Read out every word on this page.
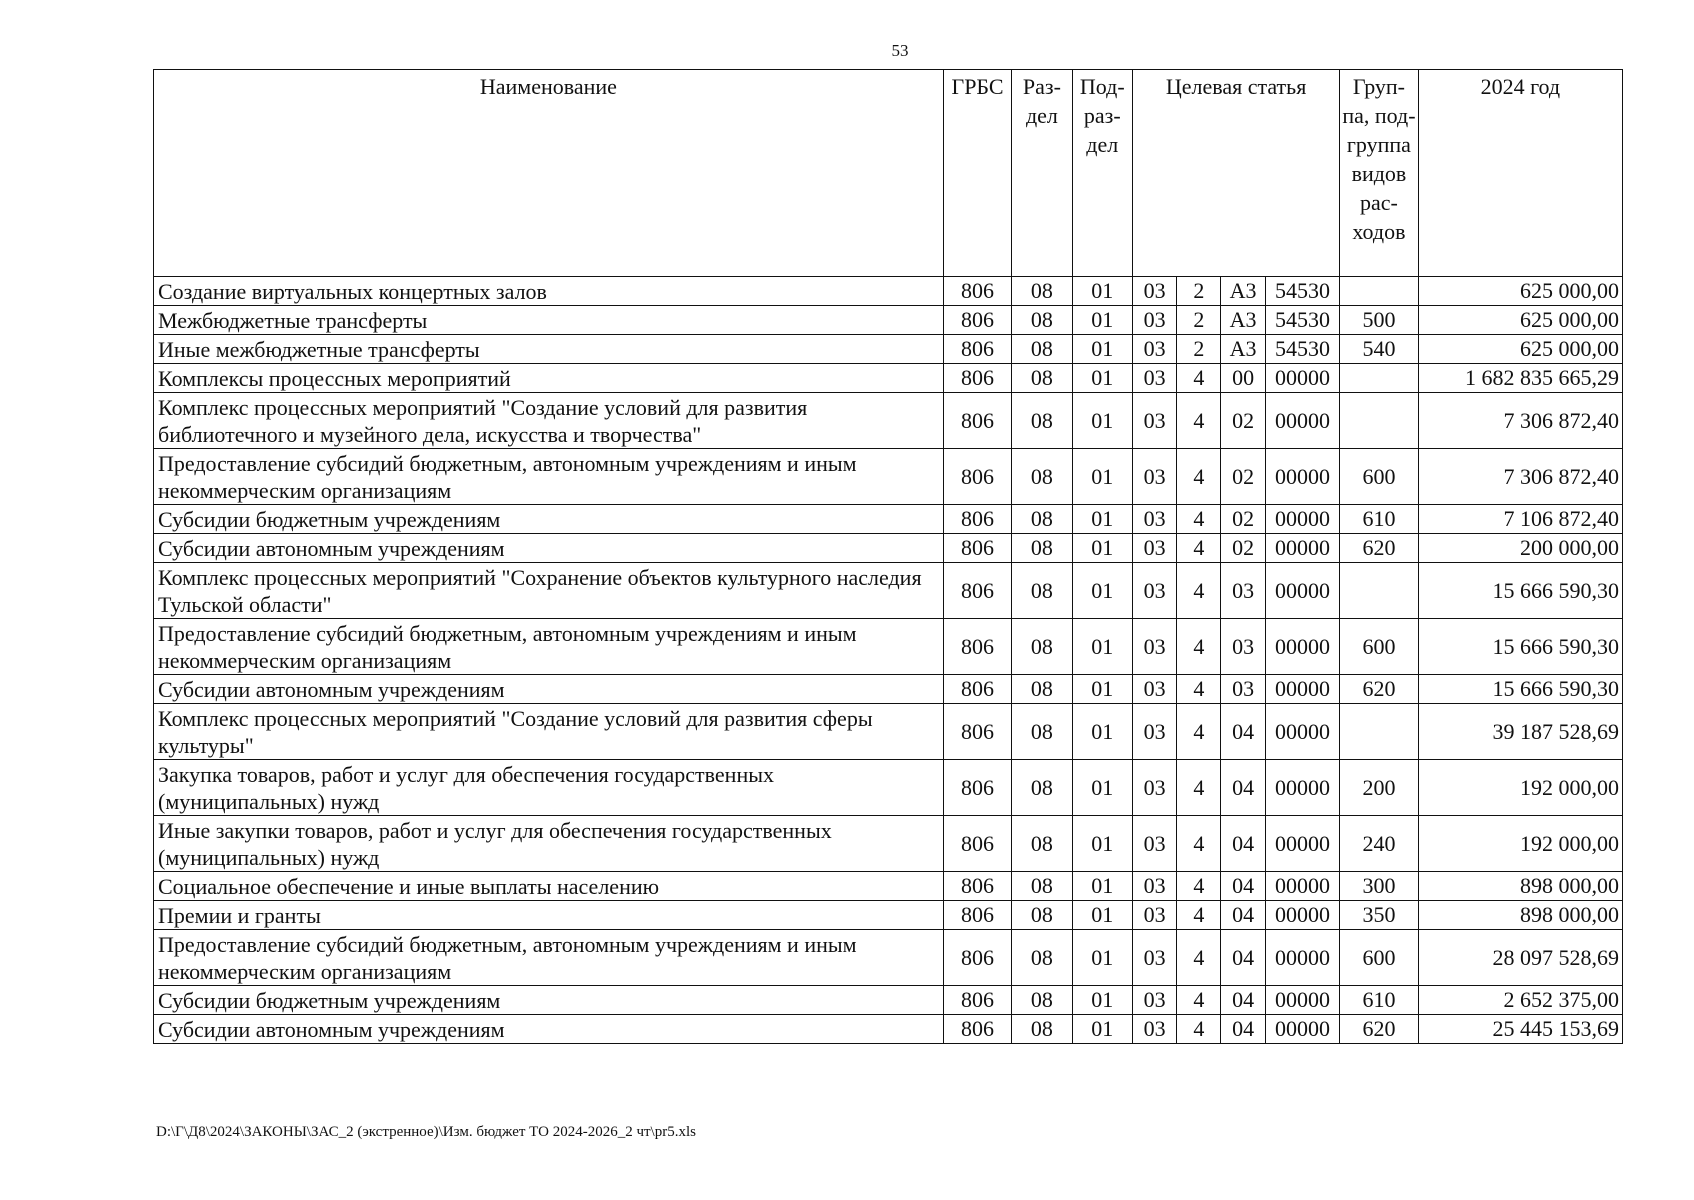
53
Наименование	ГРБС	Раз-дел	Под-раз-дел	Целевая статья				Груп-па, под-группа видов рас-ходов	2024 год
Создание виртуальных концертных залов	806	08	01	03	2	А3	54530		625 000,00
Межбюджетные трансферты	806	08	01	03	2	А3	54530	500	625 000,00
Иные межбюджетные трансферты	806	08	01	03	2	А3	54530	540	625 000,00
Комплексы процессных мероприятий	806	08	01	03	4	00	00000		1 682 835 665,29
Комплекс процессных мероприятий "Создание условий для развития библиотечного и музейного дела, искусства и творчества"	806	08	01	03	4	02	00000		7 306 872,40
Предоставление субсидий бюджетным, автономным учреждениям и иным некоммерческим организациям	806	08	01	03	4	02	00000	600	7 306 872,40
Субсидии бюджетным учреждениям	806	08	01	03	4	02	00000	610	7 106 872,40
Субсидии автономным учреждениям	806	08	01	03	4	02	00000	620	200 000,00
Комплекс процессных мероприятий "Сохранение объектов культурного наследия Тульской области"	806	08	01	03	4	03	00000		15 666 590,30
Предоставление субсидий бюджетным, автономным учреждениям и иным некоммерческим организациям	806	08	01	03	4	03	00000	600	15 666 590,30
Субсидии автономным учреждениям	806	08	01	03	4	03	00000	620	15 666 590,30
Комплекс процессных мероприятий "Создание условий для развития сферы культуры"	806	08	01	03	4	04	00000		39 187 528,69
Закупка товаров, работ и услуг для обеспечения государственных (муниципальных) нужд	806	08	01	03	4	04	00000	200	192 000,00
Иные закупки товаров, работ и услуг для обеспечения государственных (муниципальных) нужд	806	08	01	03	4	04	00000	240	192 000,00
Социальное обеспечение и иные выплаты населению	806	08	01	03	4	04	00000	300	898 000,00
Премии и гранты	806	08	01	03	4	04	00000	350	898 000,00
Предоставление субсидий бюджетным, автономным учреждениям и иным некоммерческим организациям	806	08	01	03	4	04	00000	600	28 097 528,69
Субсидии бюджетным учреждениям	806	08	01	03	4	04	00000	610	2 652 375,00
Субсидии автономным учреждениям	806	08	01	03	4	04	00000	620	25 445 153,69
D:\Г\Д8\2024\ЗАКОНЫ\ЗАС_2 (экстренное)\Изм. бюджет ТО 2024-2026_2 чт\pr5.xls
